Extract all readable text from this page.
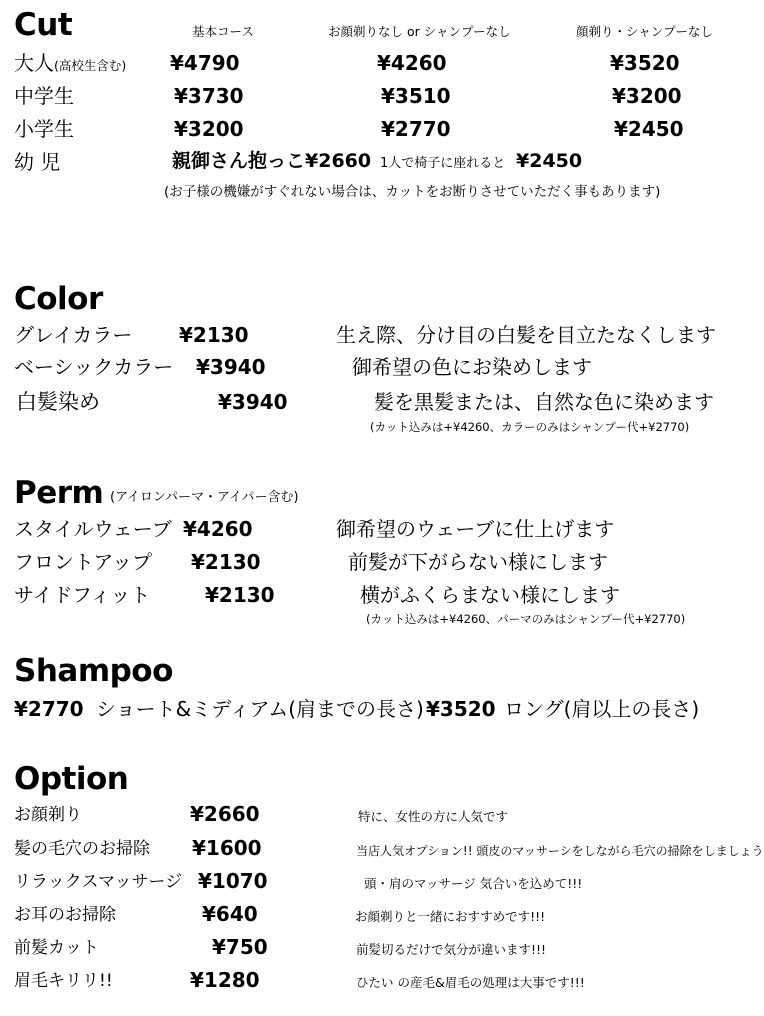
Cut	基本コース	お顔剃りなし or シャンプーなし	顔剃り・シャンプーなし
大人(高校生含む) ¥4790	¥4260	¥3520
中学生	¥3730	¥3510	¥3200
小学生	¥3200	¥2770	¥2450
幼 児	親御さん抱っこ¥2660 1人で椅子に座れると ¥2450
(お子様の機嫌がすぐれない場合は、カットをお断りさせていただく事もあります)
Color
グレイカラー ¥2130	生え際、分け目の白髪を目立たなくします
ベーシックカラー ¥3940	御希望の色にお染めします
白髪染め	¥3940	髪を黒髪または、自然な色に染めます
(カット込みは+¥4260、カラーのみはシャンプー代+¥2770)
Perm (アイロンパーマ・アイパー含む)
スタイルウェーブ ¥4260	御希望のウェーブに仕上げます
フロントアップ ¥2130	前髪が下がらない様にします
サイドフィット	¥2130	横がふくらまない様にします
(カット込みは+¥4260、パーマのみはシャンプー代+¥2770)
Shampoo
¥2770 ショート&ミディアム(肩までの長さ) ¥3520 ロング(肩以上の長さ)
Option
お顔剃り	¥2660	特に、女性の方に人気です
髪の毛穴のお掃除 ¥1600	当店人気オプション!! 頭皮のマッサーシをしながら毛穴の掃除をしましょう
リラックスマッサージ ¥1070	頭・肩のマッサージ 気合いを込めて!!!
お耳のお掃除	¥640	お顔剃りと一緒におすすめです!!!
前髪カット	¥750	前髪切るだけで気分が違います!!!
眉毛キリリ!!	¥1280	ひたい の産毛&眉毛の処理は大事です!!!
